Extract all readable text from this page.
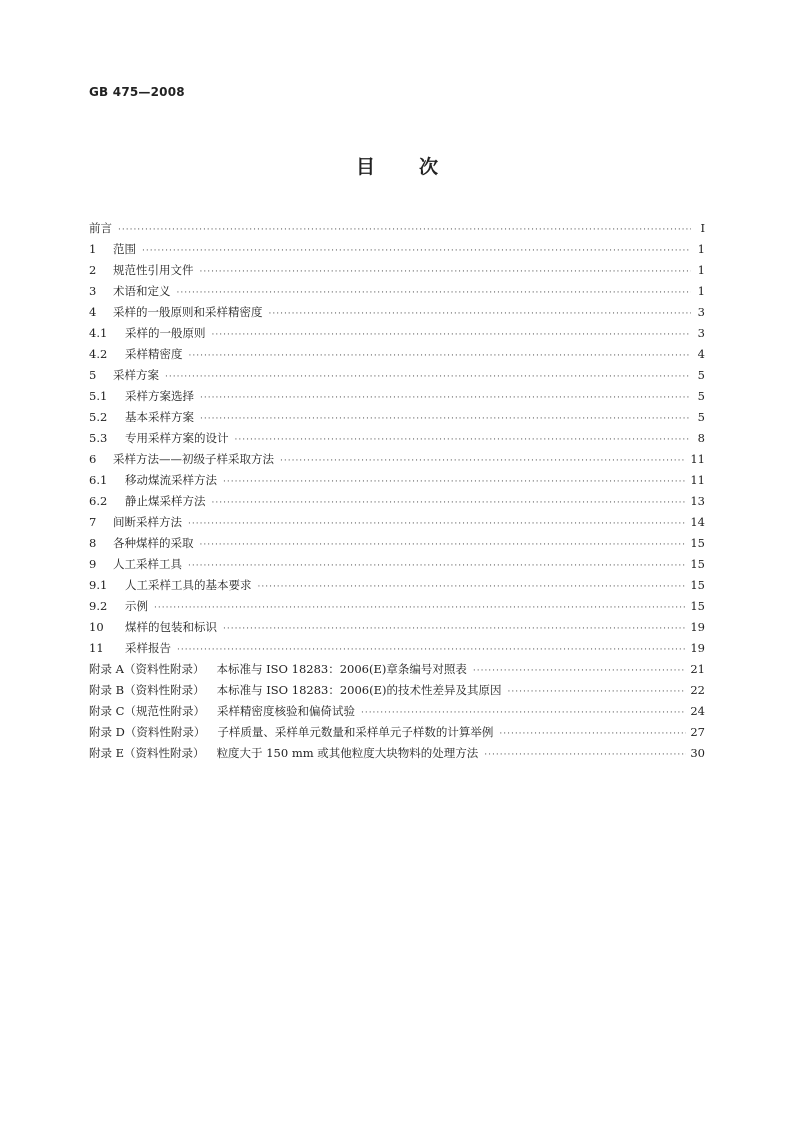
GB 475—2008
目次
前言 ·····	I
1 范围 ·····	1
2 规范性引用文件 ·····	1
3 术语和定义 ·····	1
4 采样的一般原则和采样精密度 ·····	3
4.1 采样的一般原则 ·····	3
4.2 采样精密度 ·····	4
5 采样方案 ·····	5
5.1 采样方案选择 ·····	5
5.2 基本采样方案 ·····	5
5.3 专用采样方案的设计 ·····	8
6 采样方法——初级子样采取方法 ·····	11
6.1 移动煤流采样方法 ·····	11
6.2 静止煤采样方法 ·····	13
7 间断采样方法 ·····	14
8 各种煤样的采取 ·····	15
9 人工采样工具 ·····	15
9.1 人工采样工具的基本要求 ·····	15
9.2 示例 ·····	15
10 煤样的包装和标识 ·····	19
11 采样报告 ·····	19
附录 A（资料性附录） 本标准与 ISO 18283：2006(E)章条编号对照表 ·····	21
附录 B（资料性附录） 本标准与 ISO 18283：2006(E)的技术性差异及其原因 ·····	22
附录 C（规范性附录） 采样精密度核验和偏倚试验 ·····	24
附录 D（资料性附录） 子样质量、采样单元数量和采样单元子样数的计算举例 ·····	27
附录 E（资料性附录） 粒度大于 150 mm 或其他粒度大块物料的处理方法 ·····	30
